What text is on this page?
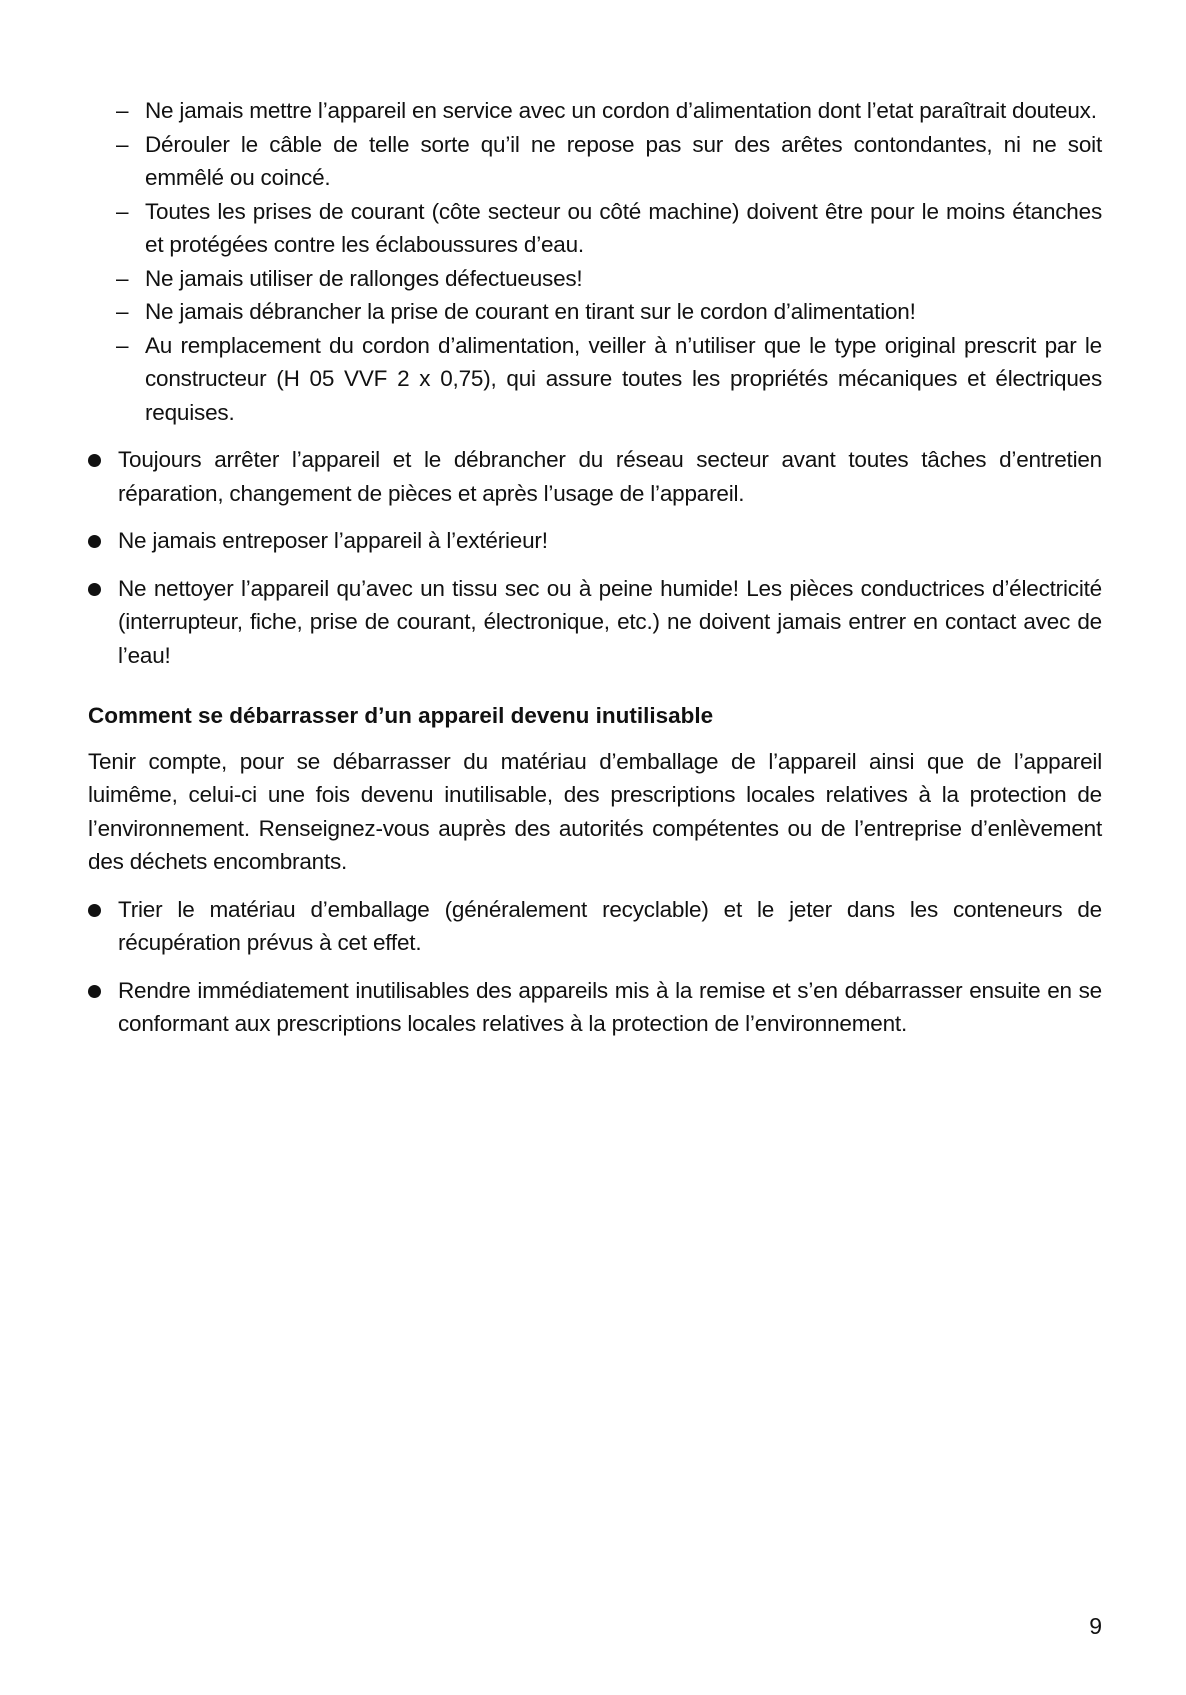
– Ne jamais mettre l’appareil en service avec un cordon d’alimentation dont l’etat paraîtrait douteux.
– Dérouler le câble de telle sorte qu’il ne repose pas sur des arêtes contondantes, ni ne soit emmêlé ou coincé.
– Toutes les prises de courant (côte secteur ou côté machine) doivent être pour le moins étanches et protégées contre les éclaboussures d’eau.
– Ne jamais utiliser de rallonges défectueuses!
– Ne jamais débrancher la prise de courant en tirant sur le cordon d’alimentation!
– Au remplacement du cordon d’alimentation, veiller à n’utiliser que le type original prescrit par le constructeur (H 05 VVF 2 x 0,75), qui assure toutes les propriétés mécaniques et électriques requises.
Toujours arrêter l’appareil et le débrancher du réseau secteur avant toutes tâches d’entretien réparation, changement de pièces et après l’usage de l’appareil.
Ne jamais entreposer l’appareil à l’extérieur!
Ne nettoyer l’appareil qu’avec un tissu sec ou à peine humide! Les pièces conductrices d’électricité (interrupteur, fiche, prise de courant, électronique, etc.) ne doivent jamais entrer en contact avec de l’eau!
Comment se débarrasser d’un appareil devenu inutilisable

Tenir compte, pour se débarrasser du matériau d’emballage de l’appareil ainsi que de l’appareil luimême, celui-ci une fois devenu inutilisable, des prescriptions locales relatives à la protection de l’environnement. Renseignez-vous auprès des autorités compétentes ou de l’entreprise d’enlèvement des déchets encombrants.

Trier le matériau d’emballage (généralement recyclable) et le jeter dans les conteneurs de récupération prévus à cet effet.
Rendre immédiatement inutilisables des appareils mis à la remise et s’en débarrasser ensuite en se conformant aux prescriptions locales relatives à la protection de l’environnement.
9
